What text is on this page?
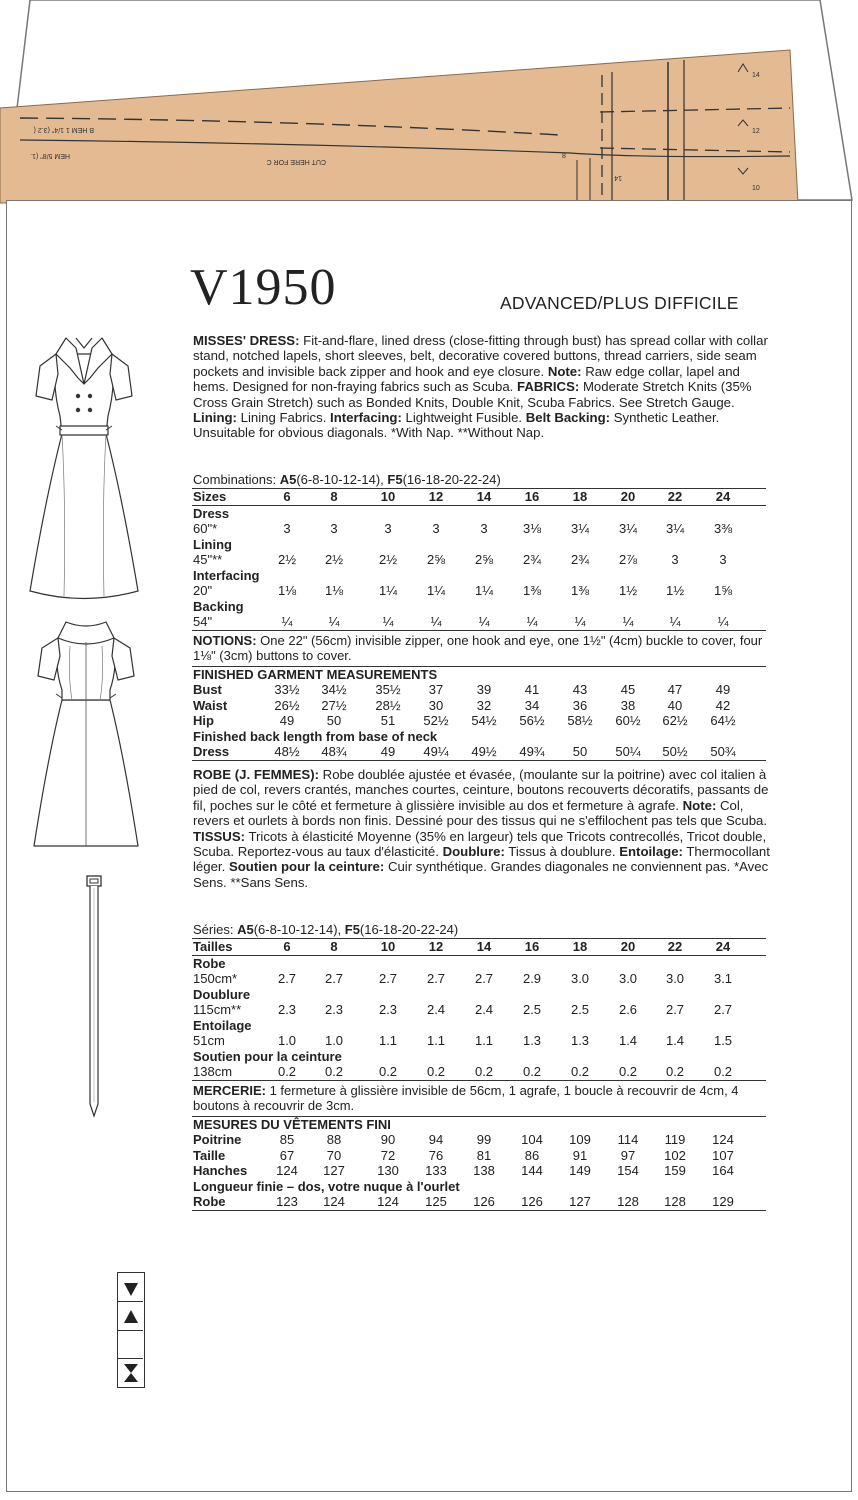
B HEM 1 1/4" (3.2 (
HEM 5/8" (1.
CUT HERE FOR C
8
14
14
12
10
V1950	ADVANCED/PLUS DIFFICILE
MISSES' DRESS: Fit-and-flare, lined dress (close-fitting through bust) has spread collar with collar stand, notched lapels, short sleeves, belt, decorative covered buttons, thread carriers, side seam pockets and invisible back zipper and hook and eye closure. Note: Raw edge collar, lapel and hems. Designed for non-fraying fabrics such as Scuba. FABRICS: Moderate Stretch Knits (35% Cross Grain Stretch) such as Bonded Knits, Double Knit, Scuba Fabrics. See Stretch Gauge. Lining: Lining Fabrics. Interfacing: Lightweight Fusible. Belt Backing: Synthetic Leather. Unsuitable for obvious diagonals. *With Nap. **Without Nap.
Combinations: A5(6-8-10-12-14), F5(16-18-20-22-24)
Sizes	6	8	10	12	14	16	18	20	22	24
Dress
60"*	3	3	3	3	3	3⅛ 3¼ 3¼ 3¼ 3⅜
Lining
45"**	2½ 2½	2½ 2⅝ 2⅝ 2¾ 2¾ 2⅞	3	3
Interfacing
20"	1⅛ 1⅛	1¼ 1¼ 1¼ 1⅜ 1⅜ 1½ 1½ 1⅝
Backing
54"	¼	¼	¼	¼	¼	¼	¼	¼	¼	¼
NOTIONS: One 22" (56cm) invisible zipper, one hook and eye, one 1½" (4cm) buckle to cover, four 1⅛" (3cm) buttons to cover.
FINISHED GARMENT MEASUREMENTS
Bust	33½ 34½ 35½ 37	39	41	43	45	47	49
Waist	26½ 27½ 28½ 30	32	34	36	38	40	42
Hip	49	50	51 52½ 54½ 56½ 58½ 60½ 62½ 64½
Finished back length from base of neck
Dress	48½ 48¾	49 49¼ 49½ 49¾ 50 50¼ 50½ 50¾
ROBE (J. FEMMES): Robe doublée ajustée et évasée, (moulante sur la poitrine) avec col italien à pied de col, revers crantés, manches courtes, ceinture, boutons recouverts décoratifs, passants de fil, poches sur le côté et fermeture à glissière invisible au dos et fermeture à agrafe. Note: Col, revers et ourlets à bords non finis. Dessiné pour des tissus qui ne s'effilochent pas tels que Scuba. TISSUS: Tricots à élasticité Moyenne (35% en largeur) tels que Tricots contrecollés, Tricot double, Scuba. Reportez-vous au taux d'élasticité. Doublure: Tissus à doublure. Entoilage: Thermocollant léger. Soutien pour la ceinture: Cuir synthétique. Grandes diagonales ne conviennent pas. *Avec Sens. **Sans Sens.
Séries: A5(6-8-10-12-14), F5(16-18-20-22-24)
Tailles	6	8	10	12	14	16	18	20	22	24
Robe
150cm*	2.7 2.7	2.7 2.7 2.7 2.9 3.0 3.0 3.0 3.1
Doublure
115cm**	2.3 2.3	2.3 2.4 2.4 2.5 2.5 2.6 2.7 2.7
Entoilage
51cm	1.0 1.0	1.1 1.1 1.1 1.3 1.3 1.4 1.4 1.5
Soutien pour la ceinture
138cm	0.2 0.2	0.2 0.2 0.2 0.2 0.2 0.2 0.2 0.2
MERCERIE: 1 fermeture à glissière invisible de 56cm, 1 agrafe, 1 boucle à recouvrir de 4cm, 4 boutons à recouvrir de 3cm.
MESURES DU VÊTEMENTS FINI
Poitrine	85	88	90	94	99 104 109 114 119 124
Taille	67	70	72	76	81	86	91	97 102 107
Hanches 124 127 130 133 138 144 149 154 159 164
Longueur finie – dos, votre nuque à l'ourlet
Robe	123 124 124 125 126 126 127 128 128 129
